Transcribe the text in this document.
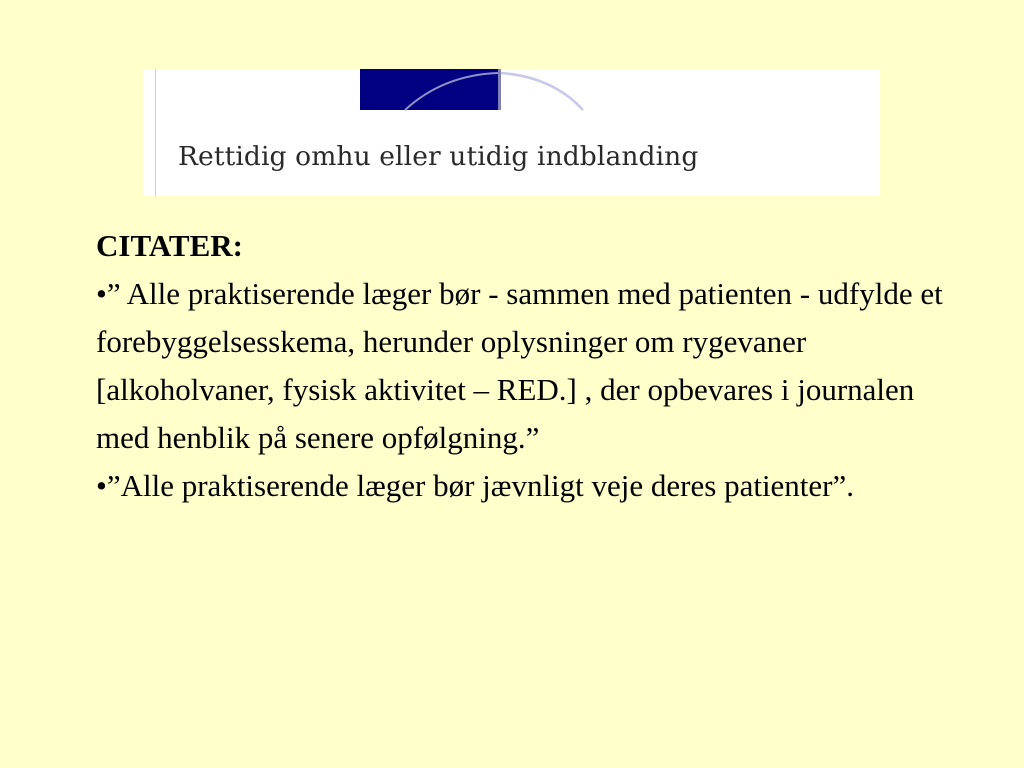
Rettidig omhu eller utidig indblanding

CITATER:

•” Alle praktiserende læger bør - sammen med patienten - udfylde et forebyggelsesskema, herunder oplysninger om rygevaner [alkoholvaner, fysisk aktivitet – RED.] , der opbevares i journalen med henblik på senere opfølgning.”

•”Alle praktiserende læger bør jævnligt veje deres patienter”.
